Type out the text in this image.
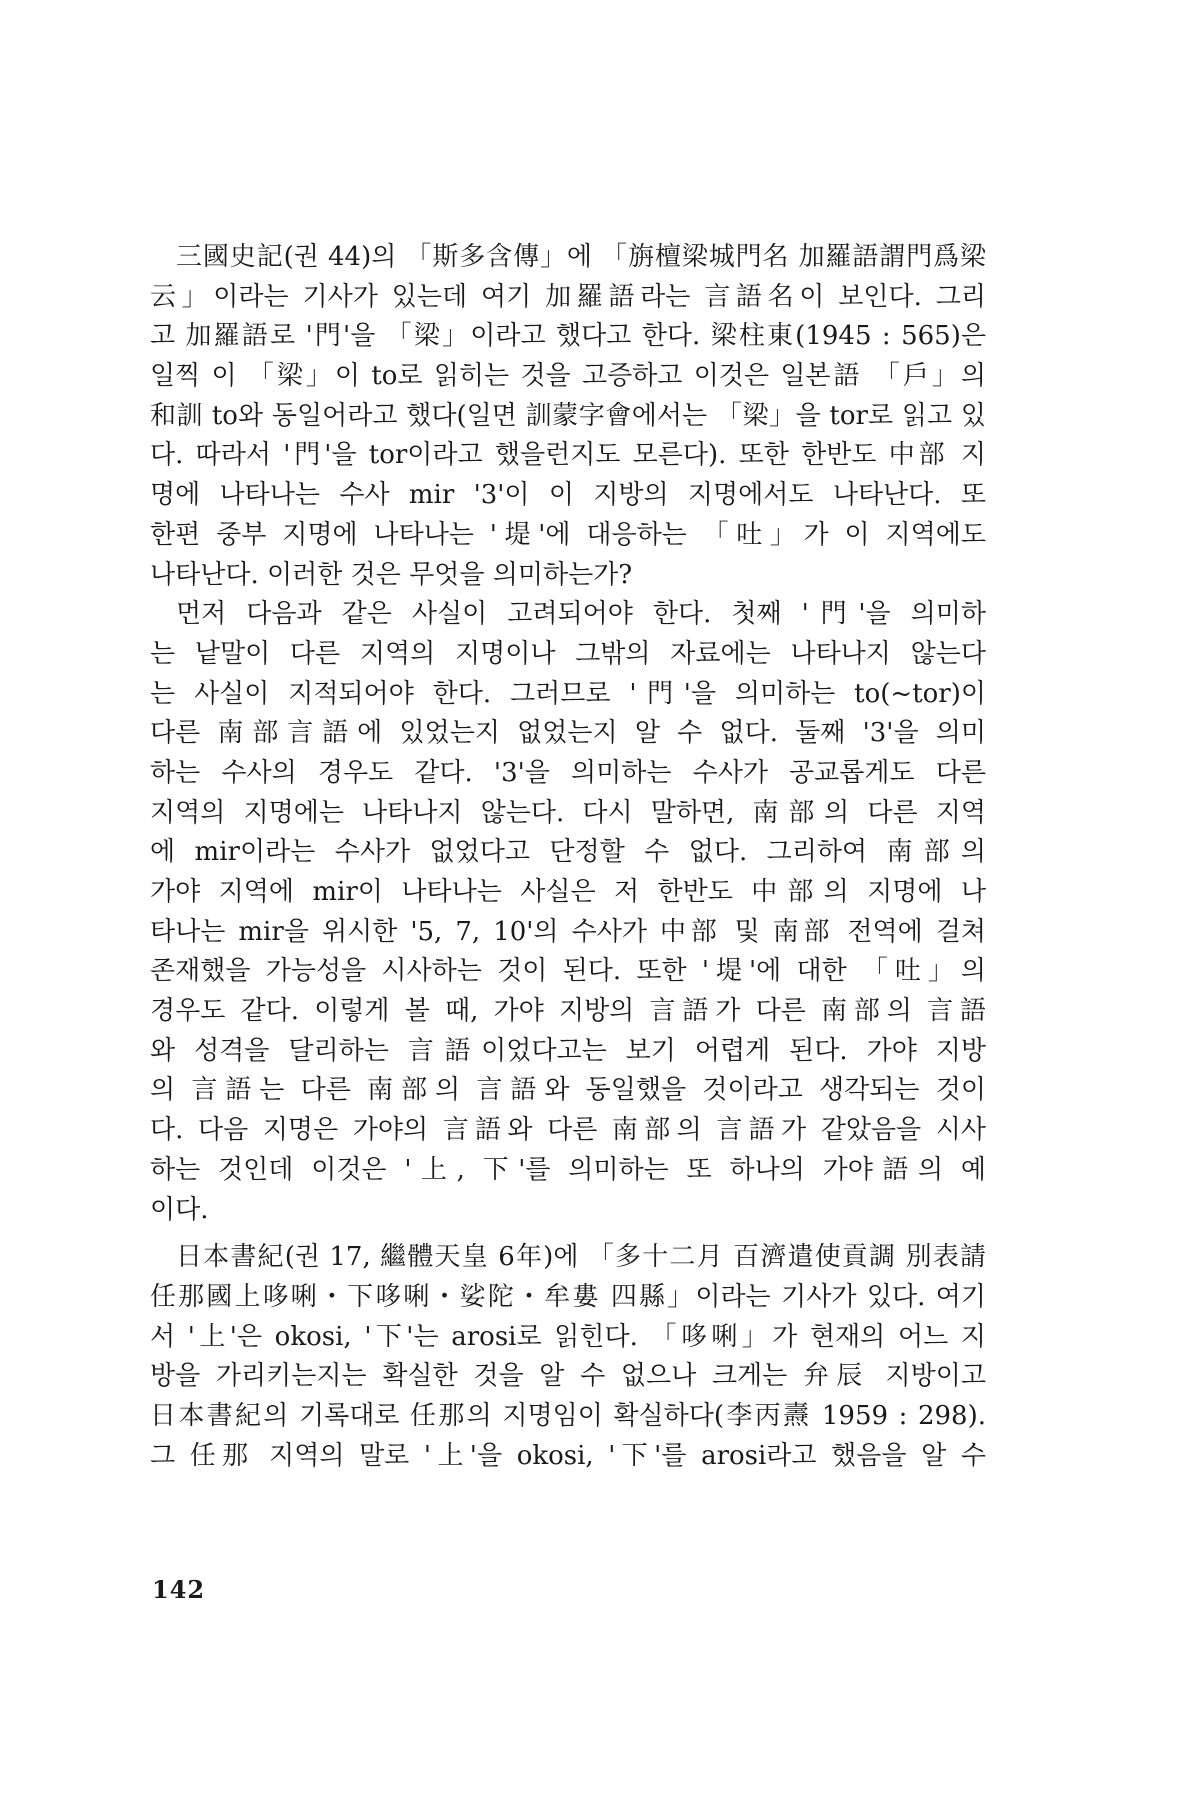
三國史記(권 44)의 「斯多含傳」에 「旃檀梁城門名 加羅語謂門爲梁
云」이라는 기사가 있는데 여기 加羅語라는 言語名이 보인다. 그리
고 加羅語로 '門'을 「梁」이라고 했다고 한다. 梁柱東(1945 : 565)은
일찍 이 「梁」이 to로 읽히는 것을 고증하고 이것은 일본語 「戶」의
和訓 to와 동일어라고 했다(일면 訓蒙字會에서는 「梁」을 tor로 읽고 있
다. 따라서 '門'을 tor이라고 했을런지도 모른다). 또한 한반도 中部 지
명에 나타나는 수사 mir '3'이 이 지방의 지명에서도 나타난다. 또
한편 중부 지명에 나타나는 '堤'에 대응하는 「吐」가 이 지역에도
나타난다. 이러한 것은 무엇을 의미하는가?
먼저 다음과 같은 사실이 고려되어야 한다. 첫째 '門'을 의미하
는 낱말이 다른 지역의 지명이나 그밖의 자료에는 나타나지 않는다
는 사실이 지적되어야 한다. 그러므로 '門'을 의미하는 to(~tor)이
다른 南部言語에 있었는지 없었는지 알 수 없다. 둘째 '3'을 의미
하는 수사의 경우도 같다. '3'을 의미하는 수사가 공교롭게도 다른
지역의 지명에는 나타나지 않는다. 다시 말하면, 南部의 다른 지역
에 mir이라는 수사가 없었다고 단정할 수 없다. 그리하여 南部의
가야 지역에 mir이 나타나는 사실은 저 한반도 中部의 지명에 나
타나는 mir을 위시한 '5, 7, 10'의 수사가 中部 및 南部 전역에 걸쳐
존재했을 가능성을 시사하는 것이 된다. 또한 '堤'에 대한 「吐」의
경우도 같다. 이렇게 볼 때, 가야 지방의 言語가 다른 南部의 言語
와 성격을 달리하는 言語이었다고는 보기 어렵게 된다. 가야 지방
의 言語는 다른 南部의 言語와 동일했을 것이라고 생각되는 것이
다. 다음 지명은 가야의 言語와 다른 南部의 言語가 같았음을 시사
하는 것인데 이것은 '上, 下'를 의미하는 또 하나의 가야語의 예
이다.
日本書紀(권 17, 繼體天皇 6年)에 「多十二月 百濟遣使貢調 別表請
任那國上哆唎・下哆唎・娑陀・牟婁 四縣」이라는 기사가 있다. 여기
서 '上'은 okosi, '下'는 arosi로 읽힌다. 「哆唎」가 현재의 어느 지
방을 가리키는지는 확실한 것을 알 수 없으나 크게는 弁辰 지방이고
日本書紀의 기록대로 任那의 지명임이 확실하다(李丙燾 1959 : 298).
그 任那 지역의 말로 '上'을 okosi, '下'를 arosi라고 했음을 알 수
142
